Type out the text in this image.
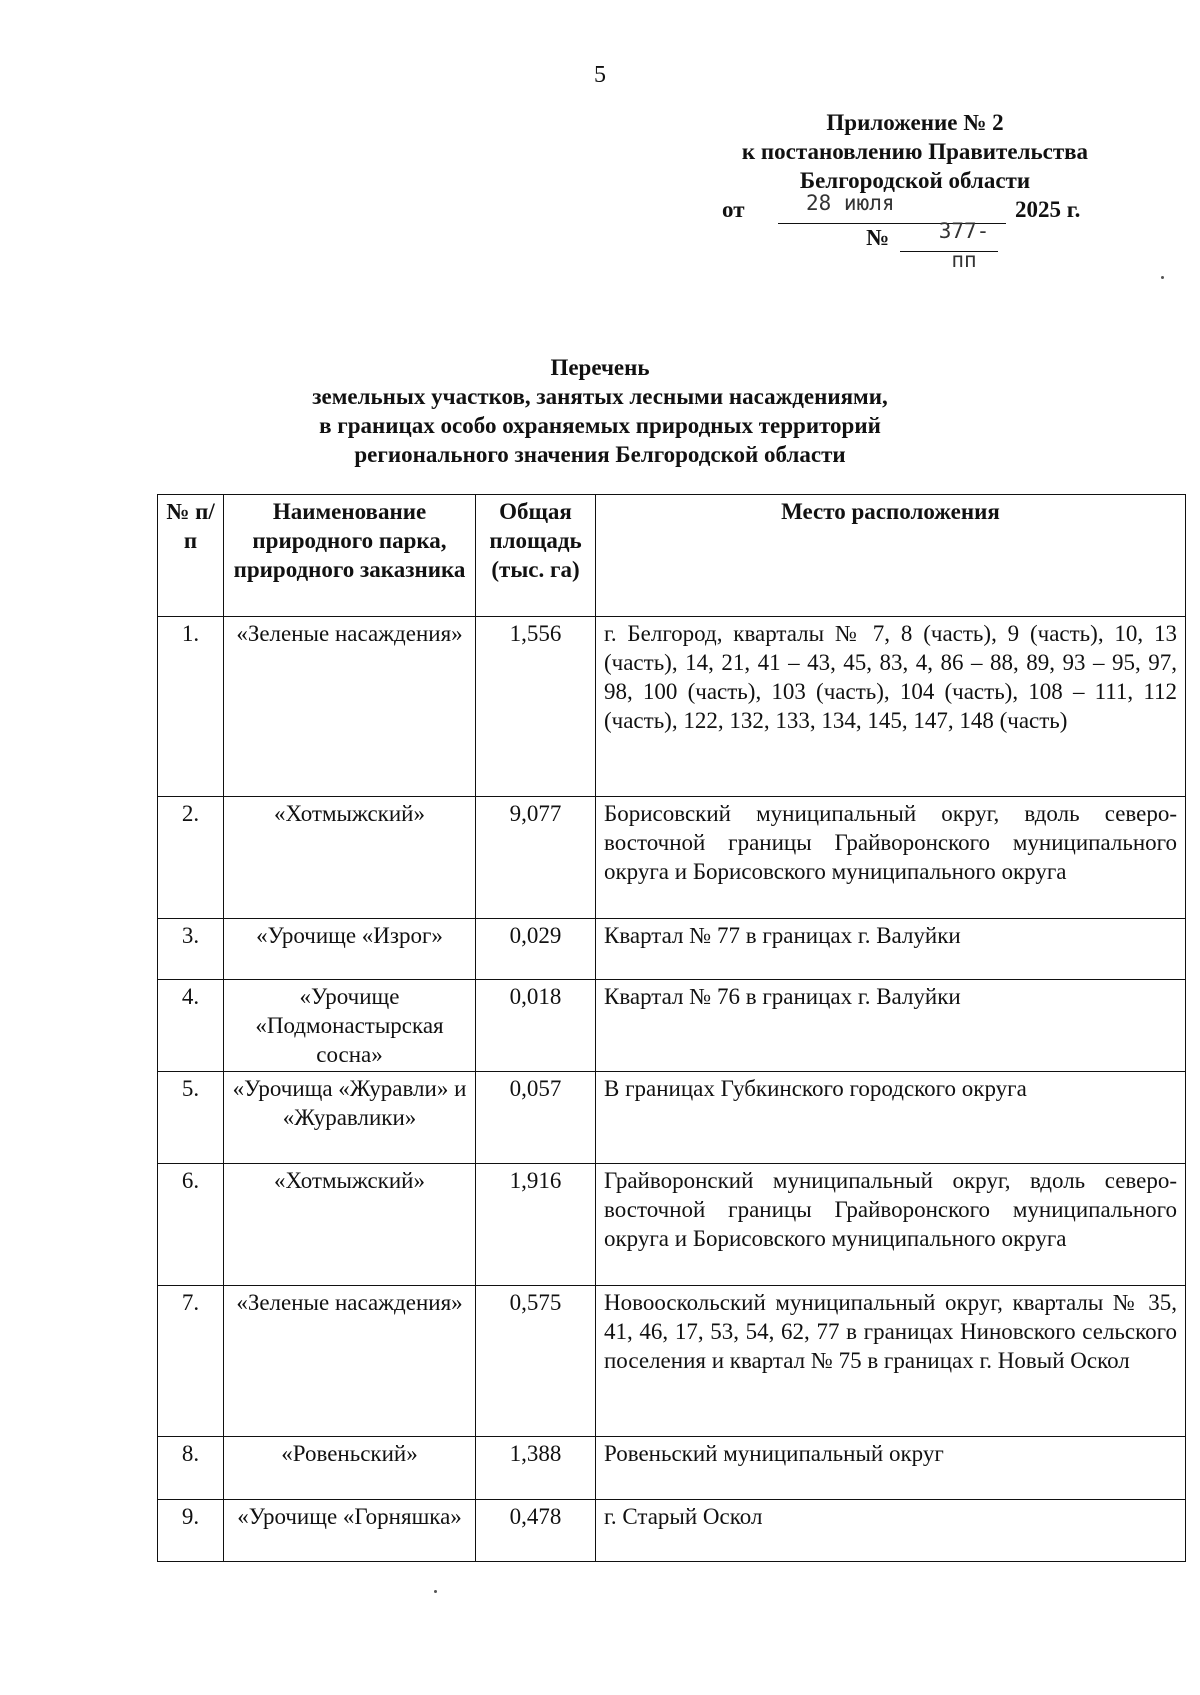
5
Приложение № 2
к постановлению Правительства
Белгородской области
от	28 июля	2025 г.
№	377-пп
Перечень
земельных участков, занятых лесными насаждениями,
в границах особо охраняемых природных территорий
регионального значения Белгородской области
№ п/п	Наименование природного парка, природного заказника	Общая площадь (тыс. га)	Место расположения
1.	«Зеленые насаждения»	1,556	г. Белгород, кварталы № 7, 8 (часть), 9 (часть), 10, 13 (часть), 14, 21, 41 – 43, 45, 83, 4, 86 – 88, 89, 93 – 95, 97, 98, 100 (часть), 103 (часть), 104 (часть), 108 – 111, 112 (часть), 122, 132, 133, 134, 145, 147, 148 (часть)
2.	«Хотмыжский»	9,077	Борисовский муниципальный округ, вдоль северо-восточной границы Грайворонского муниципального округа и Борисовского муниципального округа
3.	«Урочище «Изрог»	0,029	Квартал № 77 в границах г. Валуйки
4.	«Урочище «Подмонастырская сосна»	0,018	Квартал № 76 в границах г. Валуйки
5.	«Урочища «Журавли» и «Журавлики»	0,057	В границах Губкинского городского округа
6.	«Хотмыжский»	1,916	Грайворонский муниципальный округ, вдоль северо-восточной границы Грайворонского муниципального округа и Борисовского муниципального округа
7.	«Зеленые насаждения»	0,575	Новооскольский муниципальный округ, кварталы № 35, 41, 46, 17, 53, 54, 62, 77 в границах Ниновского сельского поселения и квартал № 75 в границах г. Новый Оскол
8.	«Ровеньский»	1,388	Ровеньский муниципальный округ
9.	«Урочище «Горняшка»	0,478	г. Старый Оскол
